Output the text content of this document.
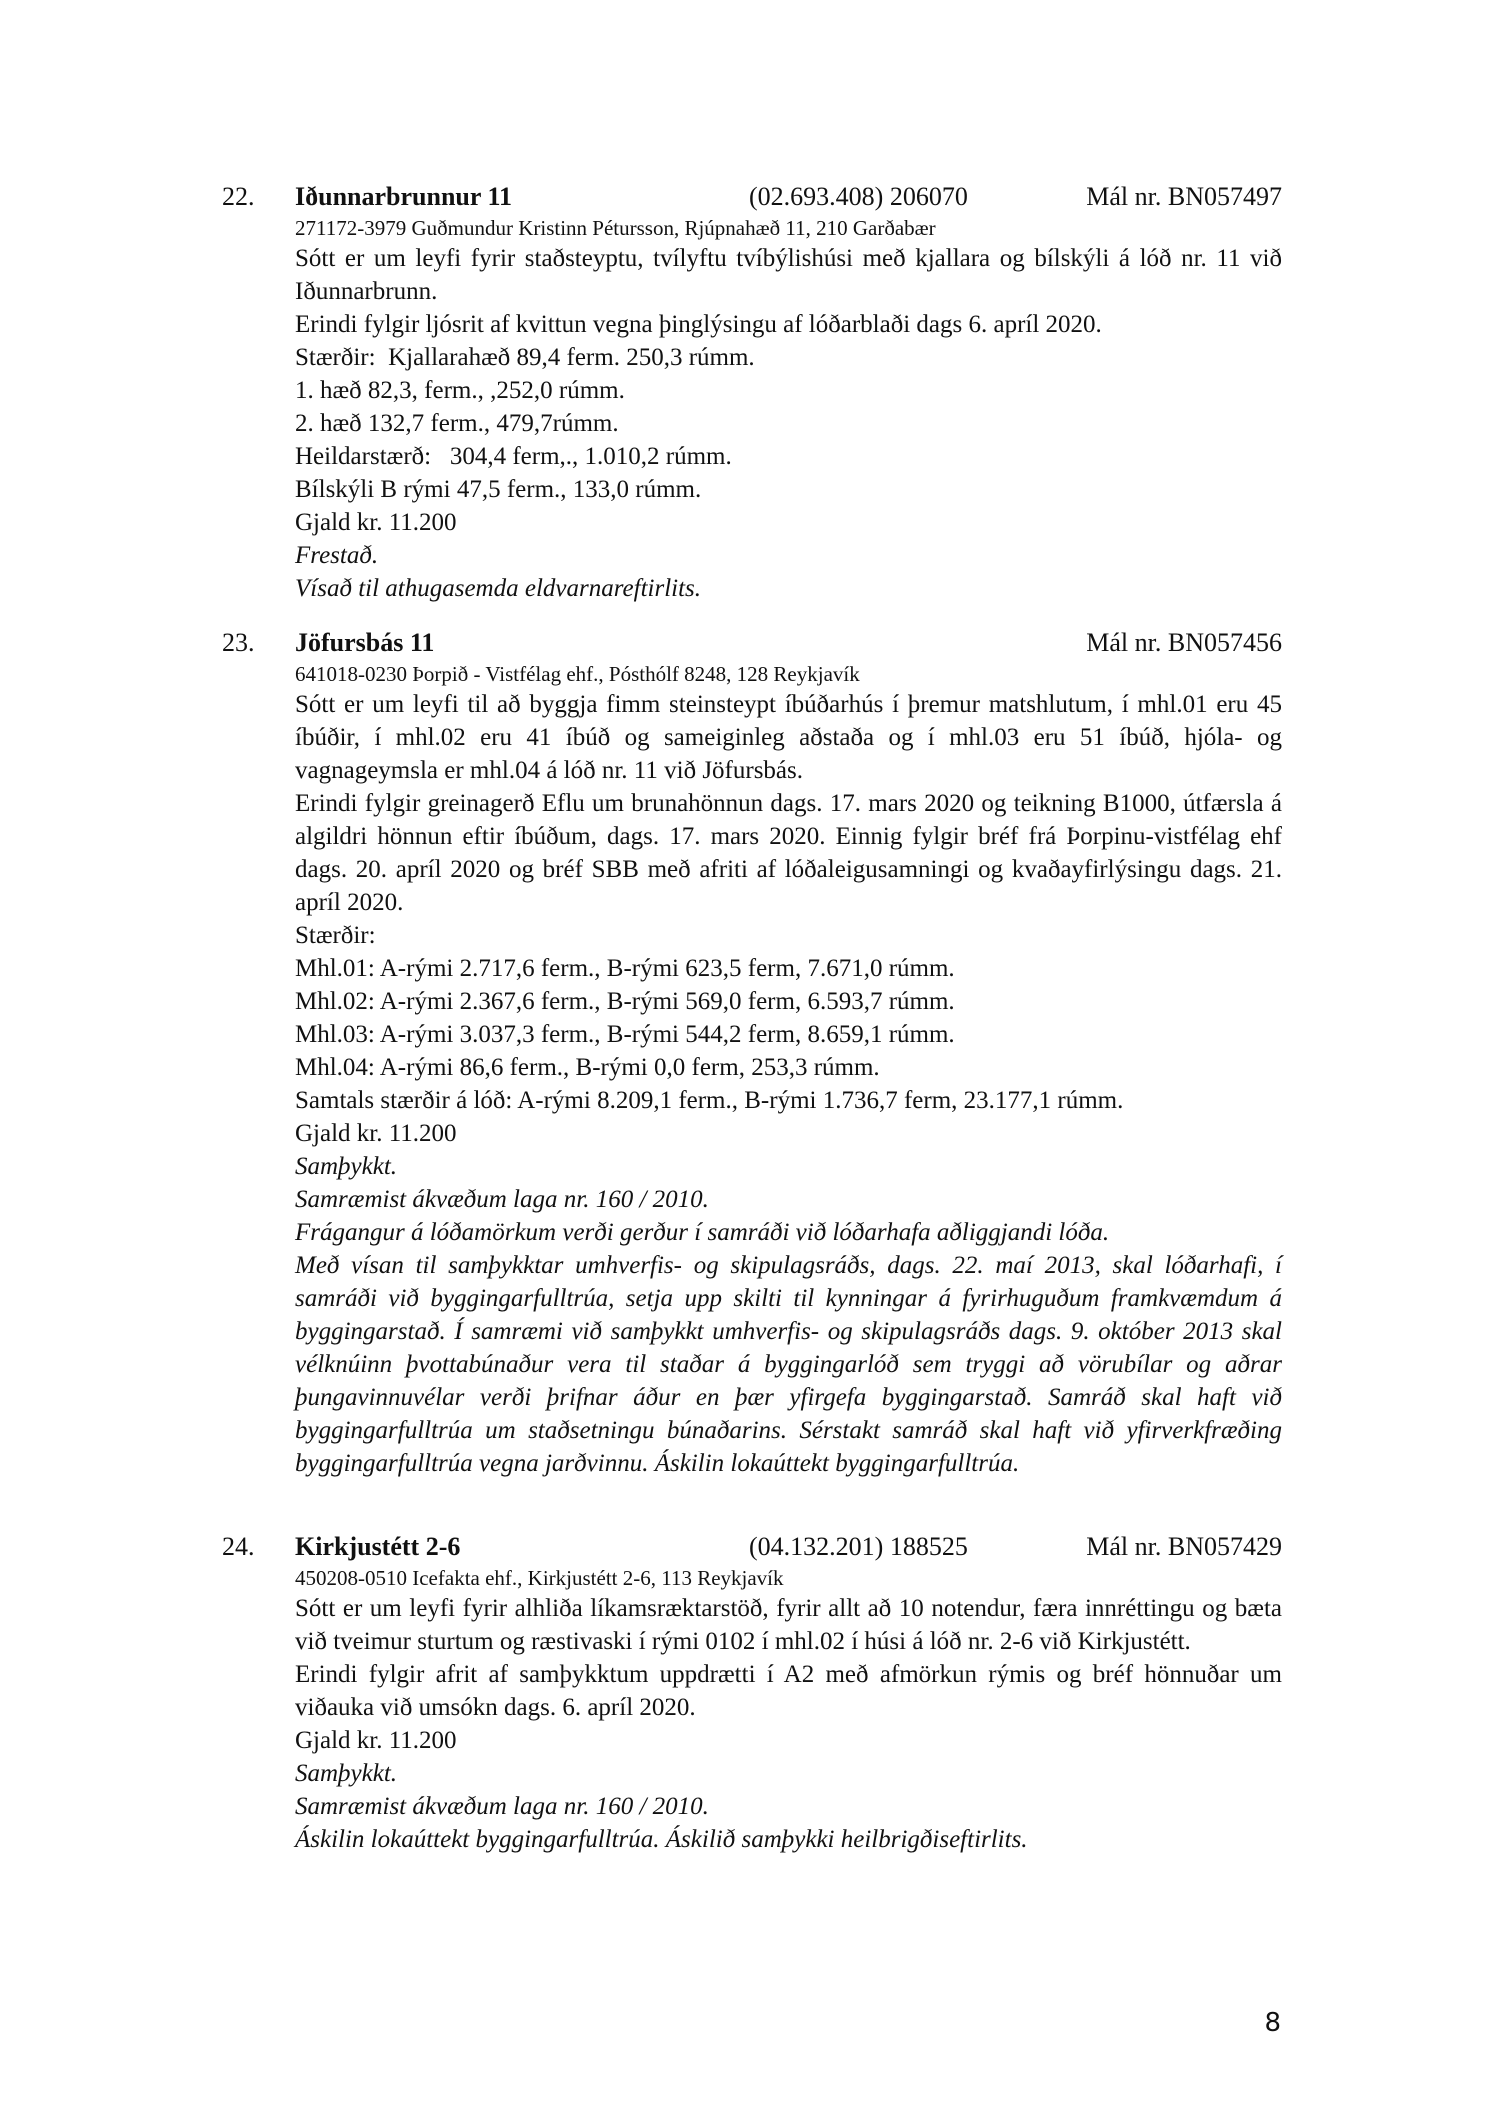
22. Iðunnarbrunnur 11	(02.693.408) 206070	Mál nr. BN057497
271172-3979 Guðmundur Kristinn Pétursson, Rjúpnahæð 11, 210 Garðabær
Sótt er um leyfi fyrir staðsteyptu, tvílyftu tvíbýlishúsi með kjallara og bílskýli á lóð nr. 11 við Iðunnarbrunn.
Erindi fylgir ljósrit af kvittun vegna þinglýsingu af lóðarblaði dags 6. apríl 2020.
Stærðir:  Kjallarahæð 89,4 ferm. 250,3 rúmm.
1. hæð 82,3, ferm., ,252,0 rúmm.
2. hæð 132,7 ferm., 479,7rúmm.
Heildarstærð:   304,4 ferm,., 1.010,2 rúmm.
Bílskýli B rými 47,5 ferm., 133,0 rúmm.
Gjald kr. 11.200
Frestað.
Vísað til athugasemda eldvarnareftirlits.
23. Jöfursbás 11	Mál nr. BN057456
641018-0230 Þorpið - Vistfélag ehf., Pósthólf 8248, 128 Reykjavík
Sótt er um leyfi til að byggja fimm steinsteypt íbúðarhús í þremur matshlutum, í mhl.01 eru 45 íbúðir, í mhl.02 eru 41 íbúð og sameiginleg aðstaða og í mhl.03 eru 51 íbúð, hjóla- og vagnageymsla er mhl.04 á lóð nr. 11 við Jöfursbás.
Erindi fylgir greinagerð Eflu um brunahönnun dags. 17. mars 2020 og teikning B1000, útfærsla á algildri hönnun eftir íbúðum, dags. 17. mars 2020. Einnig fylgir bréf frá Þorpinu-vistfélag ehf dags. 20. apríl 2020 og bréf SBB með afriti af lóðaleigusamningi og kvaðayfirlýsingu dags. 21. apríl 2020.
Stærðir:
Mhl.01: A-rými 2.717,6 ferm., B-rými 623,5 ferm, 7.671,0 rúmm.
Mhl.02: A-rými 2.367,6 ferm., B-rými 569,0 ferm, 6.593,7 rúmm.
Mhl.03: A-rými 3.037,3 ferm., B-rými 544,2 ferm, 8.659,1 rúmm.
Mhl.04: A-rými 86,6 ferm., B-rými 0,0 ferm, 253,3 rúmm.
Samtals stærðir á lóð: A-rými 8.209,1 ferm., B-rými 1.736,7 ferm, 23.177,1 rúmm.
Gjald kr. 11.200
Samþykkt.
Samræmist ákvæðum laga nr. 160 / 2010.
Frágangur á lóðamörkum verði gerður í samráði við lóðarhafa aðliggjandi lóða.
Með vísan til samþykktar umhverfis- og skipulagsráðs, dags. 22. maí 2013, skal lóðarhafi, í samráði við byggingarfulltrúa, setja upp skilti til kynningar á fyrirhuguðum framkvæmdum á byggingarstað. Í samræmi við samþykkt umhverfis- og skipulagsráðs dags. 9. október 2013 skal vélknúinn þvottabúnaður vera til staðar á byggingarlóð sem tryggi að vörubílar og aðrar þungavinnuvélar verði þrifnar áður en þær yfirgefa byggingarstað. Samráð skal haft við byggingarfulltrúa um staðsetningu búnaðarins. Sérstakt samráð skal haft við yfirverkfræðing byggingarfulltrúa vegna jarðvinnu. Áskilin lokaúttekt byggingarfulltrúa.
24. Kirkjustétt 2-6	(04.132.201) 188525	Mál nr. BN057429
450208-0510 Icefakta ehf., Kirkjustétt 2-6, 113 Reykjavík
Sótt er um leyfi fyrir alhliða líkamsræktarstöð, fyrir allt að 10 notendur, færa innréttingu og bæta við tveimur sturtum og ræstivaski í rými 0102 í mhl.02 í húsi á lóð nr. 2-6 við Kirkjustétt.
Erindi fylgir afrit af samþykktum uppdrætti í A2 með afmörkun rýmis og bréf hönnuðar um viðauka við umsókn dags. 6. apríl 2020.
Gjald kr. 11.200
Samþykkt.
Samræmist ákvæðum laga nr. 160 / 2010.
Áskilin lokaúttekt byggingarfulltrúa. Áskilið samþykki heilbrigðiseftirlits.
8
